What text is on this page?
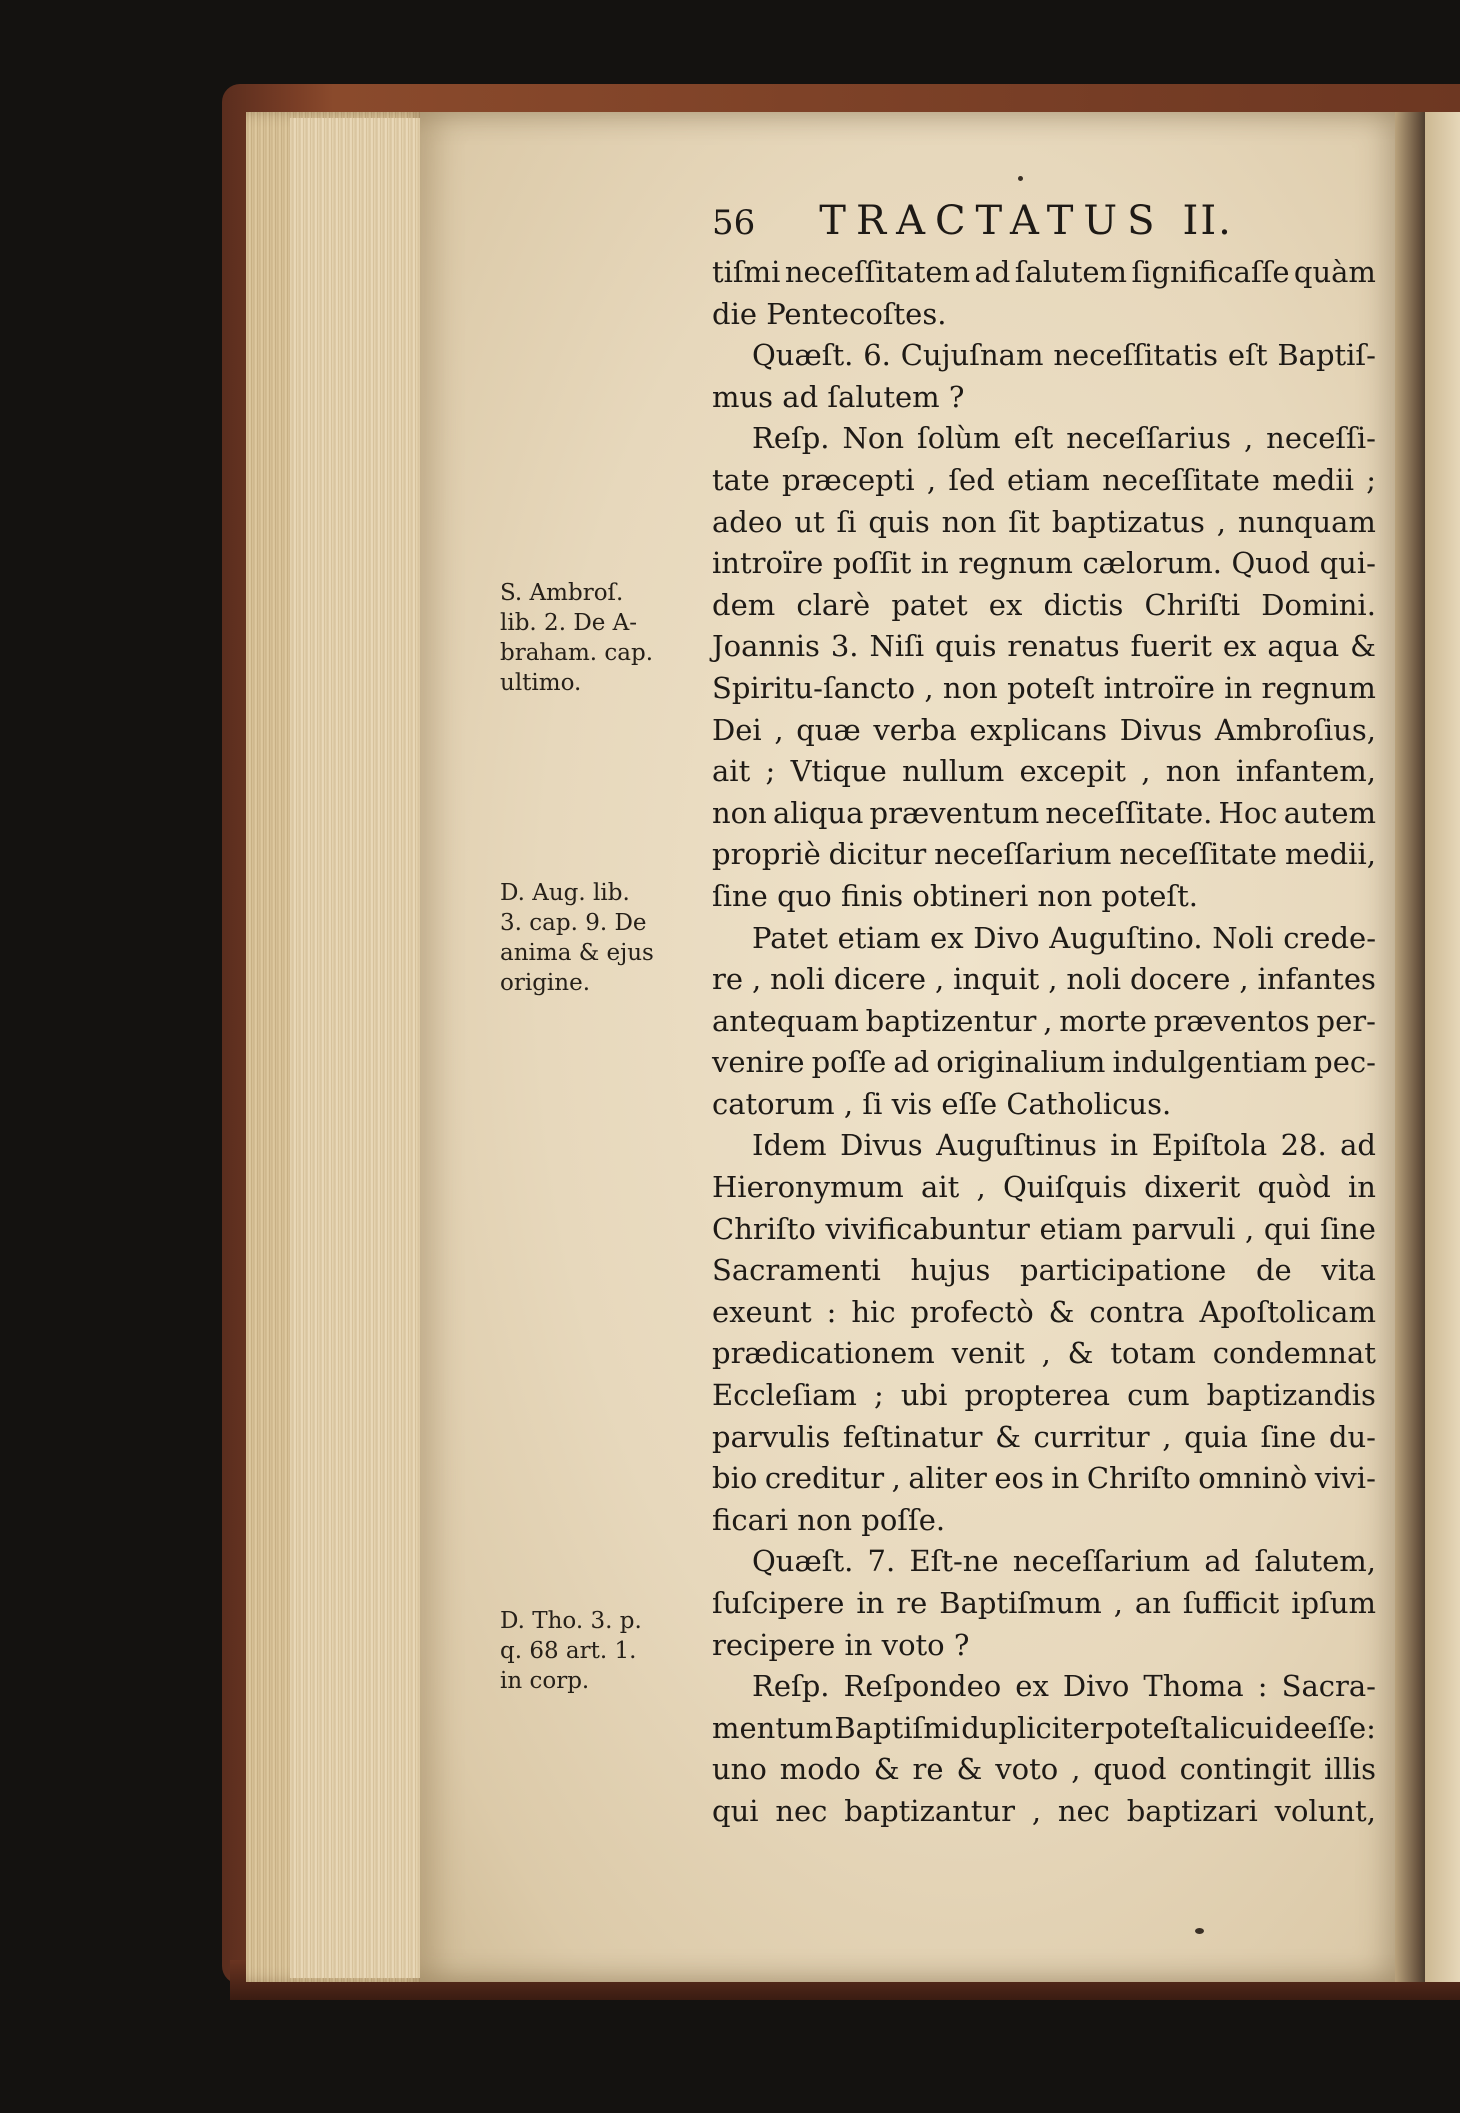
56 TRACTATUS II.
tiſmi neceſſitatem ad ſalutem ſignificaſſe quàm
die Pentecoſtes.
Quæſt. 6. Cujuſnam neceſſitatis eſt Baptiſ-
mus ad ſalutem ?
Reſp. Non ſolùm eſt neceſſarius , neceſſi-
tate præcepti , ſed etiam neceſſitate medii ;
adeo ut ſi quis non ſit baptizatus , nunquam
introïre poſſit in regnum cælorum. Quod qui-
dem clarè patet ex dictis Chriſti Domini.
Joannis 3. Niſi quis renatus fuerit ex aqua &
Spiritu-ſancto , non poteſt introïre in regnum
Dei , quæ verba explicans Divus Ambroſius,
ait ; Vtique nullum excepit , non infantem,
non aliqua præventum neceſſitate. Hoc autem
propriè dicitur neceſſarium neceſſitate medii,
ſine quo finis obtineri non poteſt.
Patet etiam ex Divo Auguſtino. Noli crede-
re , noli dicere , inquit , noli docere , infantes
antequam baptizentur , morte præventos per-
venire poſſe ad originalium indulgentiam pec-
catorum , ſi vis eſſe Catholicus.
Idem Divus Auguſtinus in Epiſtola 28. ad
Hieronymum ait , Quiſquis dixerit quòd in
Chriſto vivificabuntur etiam parvuli , qui ſine
Sacramenti hujus participatione de vita
exeunt : hic profectò & contra Apoſtolicam
prædicationem venit , & totam condemnat
Eccleſiam ; ubi propterea cum baptizandis
parvulis feſtinatur & curritur , quia ſine du-
bio creditur , aliter eos in Chriſto omninò vivi-
ficari non poſſe.
Quæſt. 7. Eſt-ne neceſſarium ad ſalutem,
ſuſcipere in re Baptiſmum , an ſufficit ipſum
recipere in voto ?
Reſp. Reſpondeo ex Divo Thoma : Sacra-
mentum Baptiſmi dupliciter poteſt alicui deeſſe:
uno modo & re & voto , quod contingit illis
qui nec baptizantur , nec baptizari volunt,
S. Ambroſ.
lib. 2. De A-
braham. cap.
ultimo.
D. Aug. lib.
3. cap. 9. De
anima & ejus
origine.
D. Tho. 3. p.
q. 68 art. 1.
in corp.
